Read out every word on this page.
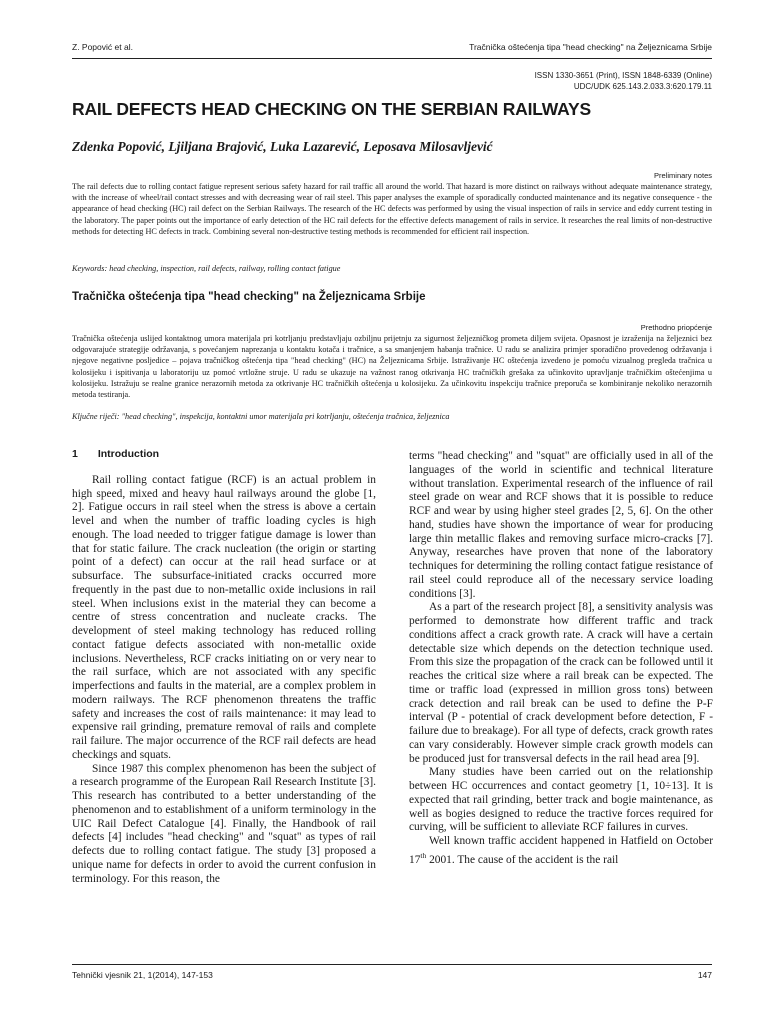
Z. Popović et al.	Tračnička oštećenja tipa "head checking" na Željeznicama Srbije
ISSN 1330-3651 (Print), ISSN 1848-6339 (Online)
UDC/UDK 625.143.2.033.3:620.179.11
RAIL DEFECTS HEAD CHECKING ON THE SERBIAN RAILWAYS
Zdenka Popović, Ljiljana Brajović, Luka Lazarević, Leposava Milosavljević
Preliminary notes

The rail defects due to rolling contact fatigue represent serious safety hazard for rail traffic all around the world. That hazard is more distinct on railways without adequate maintenance strategy, with the increase of wheel/rail contact stresses and with decreasing wear of rail steel. This paper analyses the example of sporadically conducted maintenance and its negative consequence - the appearance of head checking (HC) rail defect on the Serbian Railways. The research of the HC defects was performed by using the visual inspection of rails in service and eddy current testing in the laboratory. The paper points out the importance of early detection of the HC rail defects for the effective defects management of rails in service. It researches the real limits of non-destructive methods for detecting HC defects in track. Combining several non-destructive testing methods is recommended for efficient rail inspection.

Keywords: head checking, inspection, rail defects, railway, rolling contact fatigue

Tračnička oštećenja tipa "head checking" na Željeznicama Srbije
Prethodno priopćenje

Tračnička oštećenja uslijed kontaktnog umora materijala pri kotrljanju predstavljaju ozbiljnu prijetnju za sigurnost željezničkog prometa diljem svijeta. Opasnost je izraženija na željeznici bez odgovarajuće strategije održavanja, s povećanjem naprezanja u kontaktu kotača i tračnice, a sa smanjenjem habanja tračnice. U radu se analizira primjer sporadično provedenog održavanja i njegove negativne posljedice – pojava tračničkog oštećenja tipa "head checking" (HC) na Željeznicama Srbije. Istraživanje HC oštećenja izvedeno je pomoću vizualnog pregleda tračnica u kolosijeku i ispitivanja u laboratoriju uz pomoć vrtložne struje. U radu se ukazuje na važnost ranog otkrivanja HC tračničkih grešaka za učinkovito upravljanje tračničkim oštećenjima u kolosijeku. Istražuju se realne granice nerazornih metoda za otkrivanje HC tračničkih oštećenja u kolosijeku. Za učinkovitu inspekciju tračnice preporuča se kombiniranje nekoliko nerazornih metoda testiranja.

Ključne riječi: "head checking", inspekcija, kontaktni umor materijala pri kotrljanju, oštećenja tračnica, željeznica

1 Introduction

Rail rolling contact fatigue (RCF) is an actual problem in high speed, mixed and heavy haul railways around the globe [1, 2]. Fatigue occurs in rail steel when the stress is above a certain level and when the number of traffic loading cycles is high enough. The load needed to trigger fatigue damage is lower than that for static failure. The crack nucleation (the origin or starting point of a defect) can occur at the rail head surface or at subsurface. The subsurface-initiated cracks occurred more frequently in the past due to non-metallic oxide inclusions in rail steel. When inclusions exist in the material they can become a centre of stress concentration and nucleate cracks. The development of steel making technology has reduced rolling contact fatigue defects associated with non-metallic oxide inclusions. Nevertheless, RCF cracks initiating on or very near to the rail surface, which are not associated with any specific imperfections and faults in the material, are a complex problem in modern railways. The RCF phenomenon threatens the traffic safety and increases the cost of rails maintenance: it may lead to expensive rail grinding, premature removal of rails and complete rail failure. The major occurrence of the RCF rail defects are head checkings and squats.

Since 1987 this complex phenomenon has been the subject of a research programme of the European Rail Research Institute [3]. This research has contributed to a better understanding of the phenomenon and to establishment of a uniform terminology in the UIC Rail Defect Catalogue [4]. Finally, the Handbook of rail defects [4] includes "head checking" and "squat" as types of rail defects due to rolling contact fatigue. The study [3] proposed a unique name for defects in order to avoid the current confusion in terminology. For this reason, the

terms "head checking" and "squat" are officially used in all of the languages of the world in scientific and technical literature without translation. Experimental research of the influence of rail steel grade on wear and RCF shows that it is possible to reduce RCF and wear by using higher steel grades [2, 5, 6]. On the other hand, studies have shown the importance of wear for producing large thin metallic flakes and removing surface micro-cracks [7]. Anyway, researches have proven that none of the laboratory techniques for determining the rolling contact fatigue resistance of rail steel could reproduce all of the necessary service loading conditions [3].

As a part of the research project [8], a sensitivity analysis was performed to demonstrate how different traffic and track conditions affect a crack growth rate. A crack will have a certain detectable size which depends on the detection technique used. From this size the propagation of the crack can be followed until it reaches the critical size where a rail break can be expected. The time or traffic load (expressed in million gross tons) between crack detection and rail break can be used to define the P-F interval (P - potential of crack development before detection, F - failure due to breakage). For all type of defects, crack growth rates can vary considerably. However simple crack growth models can be produced just for transversal defects in the rail head area [9].

Many studies have been carried out on the relationship between HC occurrences and contact geometry [1, 10÷13]. It is expected that rail grinding, better track and bogie maintenance, as well as bogies designed to reduce the tractive forces required for curving, will be sufficient to alleviate RCF failures in curves.

Well known traffic accident happened in Hatfield on October 17th 2001. The cause of the accident is the rail

Tehnički vjesnik 21, 1(2014), 147-153	147
